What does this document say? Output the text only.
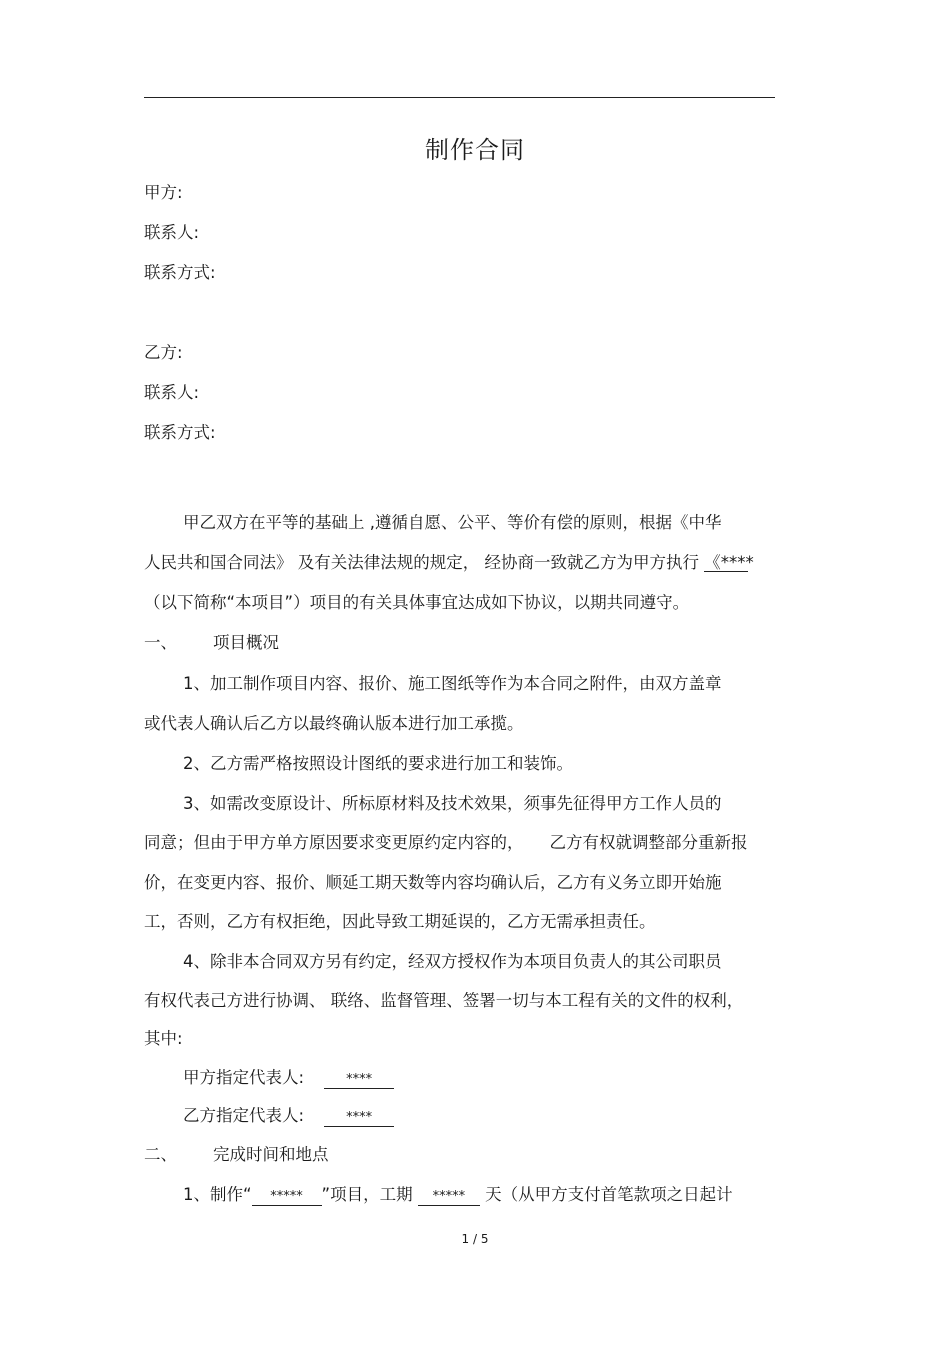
制作合同
甲方:
联系人:
联系方式:
乙方:
联系人:
联系方式:
甲乙双方在平等的基础上 ,遵循自愿、公平、等价有偿的原则，根据《中华
人民共和国合同法》 及有关法律法规的规定， 经协商一致就乙方为甲方执行 《****
（以下简称“本项目”）项目的有关具体事宜达成如下协议，以期共同遵守。
一、 项目概况
1、加工制作项目内容、报价、施工图纸等作为本合同之附件，由双方盖章
或代表人确认后乙方以最终确认版本进行加工承揽。
2、乙方需严格按照设计图纸的要求进行加工和装饰。
3、如需改变原设计、所标原材料及技术效果，须事先征得甲方工作人员的
同意；但由于甲方单方原因要求变更原约定内容的， 乙方有权就调整部分重新报
价，在变更内容、报价、顺延工期天数等内容均确认后，乙方有义务立即开始施
工，否则，乙方有权拒绝，因此导致工期延误的，乙方无需承担责任。
4、除非本合同双方另有约定，经双方授权作为本项目负责人的其公司职员
有权代表己方进行协调、 联络、监督管理、签署一切与本工程有关的文件的权利，
其中:
甲方指定代表人:	****
乙方指定代表人:	****
二、 完成时间和地点
1、制作“ ***** ”项目，工期 ***** 天（从甲方支付首笔款项之日起计
1 / 5
